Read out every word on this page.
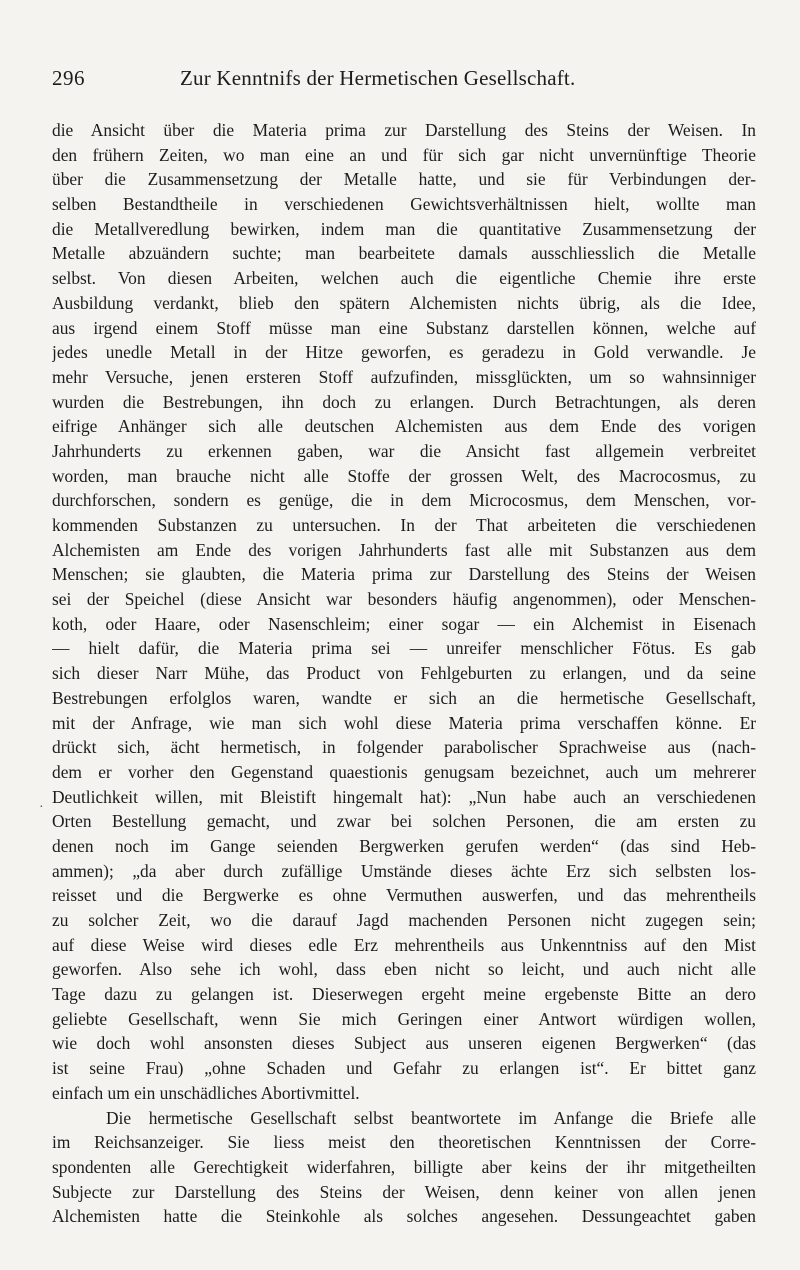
296	Zur Kenntnifs der Hermetischen Gesellschaft.
·
die Ansicht über die Materia prima zur Darstellung des Steins der Weisen. In
den frühern Zeiten, wo man eine an und für sich gar nicht unvernünftige Theorie
über die Zusammensetzung der Metalle hatte, und sie für Verbindungen der-
selben Bestandtheile in verschiedenen Gewichtsverhältnissen hielt, wollte man
die Metallveredlung bewirken, indem man die quantitative Zusammensetzung der
Metalle abzuändern suchte; man bearbeitete damals ausschliesslich die Metalle
selbst. Von diesen Arbeiten, welchen auch die eigentliche Chemie ihre erste
Ausbildung verdankt, blieb den spätern Alchemisten nichts übrig, als die Idee,
aus irgend einem Stoff müsse man eine Substanz darstellen können, welche auf
jedes unedle Metall in der Hitze geworfen, es geradezu in Gold verwandle. Je
mehr Versuche, jenen ersteren Stoff aufzufinden, missglückten, um so wahnsinniger
wurden die Bestrebungen, ihn doch zu erlangen. Durch Betrachtungen, als deren
eifrige Anhänger sich alle deutschen Alchemisten aus dem Ende des vorigen
Jahrhunderts zu erkennen gaben, war die Ansicht fast allgemein verbreitet
worden, man brauche nicht alle Stoffe der grossen Welt, des Macrocosmus, zu
durchforschen, sondern es genüge, die in dem Microcosmus, dem Menschen, vor-
kommenden Substanzen zu untersuchen. In der That arbeiteten die verschiedenen
Alchemisten am Ende des vorigen Jahrhunderts fast alle mit Substanzen aus dem
Menschen; sie glaubten, die Materia prima zur Darstellung des Steins der Weisen
sei der Speichel (diese Ansicht war besonders häufig angenommen), oder Menschen-
koth, oder Haare, oder Nasenschleim; einer sogar — ein Alchemist in Eisenach
— hielt dafür, die Materia prima sei — unreifer menschlicher Fötus. Es gab
sich dieser Narr Mühe, das Product von Fehlgeburten zu erlangen, und da seine
Bestrebungen erfolglos waren, wandte er sich an die hermetische Gesellschaft,
mit der Anfrage, wie man sich wohl diese Materia prima verschaffen könne. Er
drückt sich, ächt hermetisch, in folgender parabolischer Sprachweise aus (nach-
dem er vorher den Gegenstand quaestionis genugsam bezeichnet, auch um mehrerer
Deutlichkeit willen, mit Bleistift hingemalt hat): „Nun habe auch an verschiedenen
Orten Bestellung gemacht, und zwar bei solchen Personen, die am ersten zu
denen noch im Gange seienden Bergwerken gerufen werden“ (das sind Heb-
ammen); „da aber durch zufällige Umstände dieses ächte Erz sich selbsten los-
reisset und die Bergwerke es ohne Vermuthen auswerfen, und das mehrentheils
zu solcher Zeit, wo die darauf Jagd machenden Personen nicht zugegen sein;
auf diese Weise wird dieses edle Erz mehrentheils aus Unkenntniss auf den Mist
geworfen. Also sehe ich wohl, dass eben nicht so leicht, und auch nicht alle
Tage dazu zu gelangen ist. Dieserwegen ergeht meine ergebenste Bitte an dero
geliebte Gesellschaft, wenn Sie mich Geringen einer Antwort würdigen wollen,
wie doch wohl ansonsten dieses Subject aus unseren eigenen Bergwerken“ (das
ist seine Frau) „ohne Schaden und Gefahr zu erlangen ist“. Er bittet ganz
einfach um ein unschädliches Abortivmittel.
Die hermetische Gesellschaft selbst beantwortete im Anfange die Briefe alle
im Reichsanzeiger. Sie liess meist den theoretischen Kenntnissen der Corre-
spondenten alle Gerechtigkeit widerfahren, billigte aber keins der ihr mitgetheilten
Subjecte zur Darstellung des Steins der Weisen, denn keiner von allen jenen
Alchemisten hatte die Steinkohle als solches angesehen. Dessungeachtet gaben
